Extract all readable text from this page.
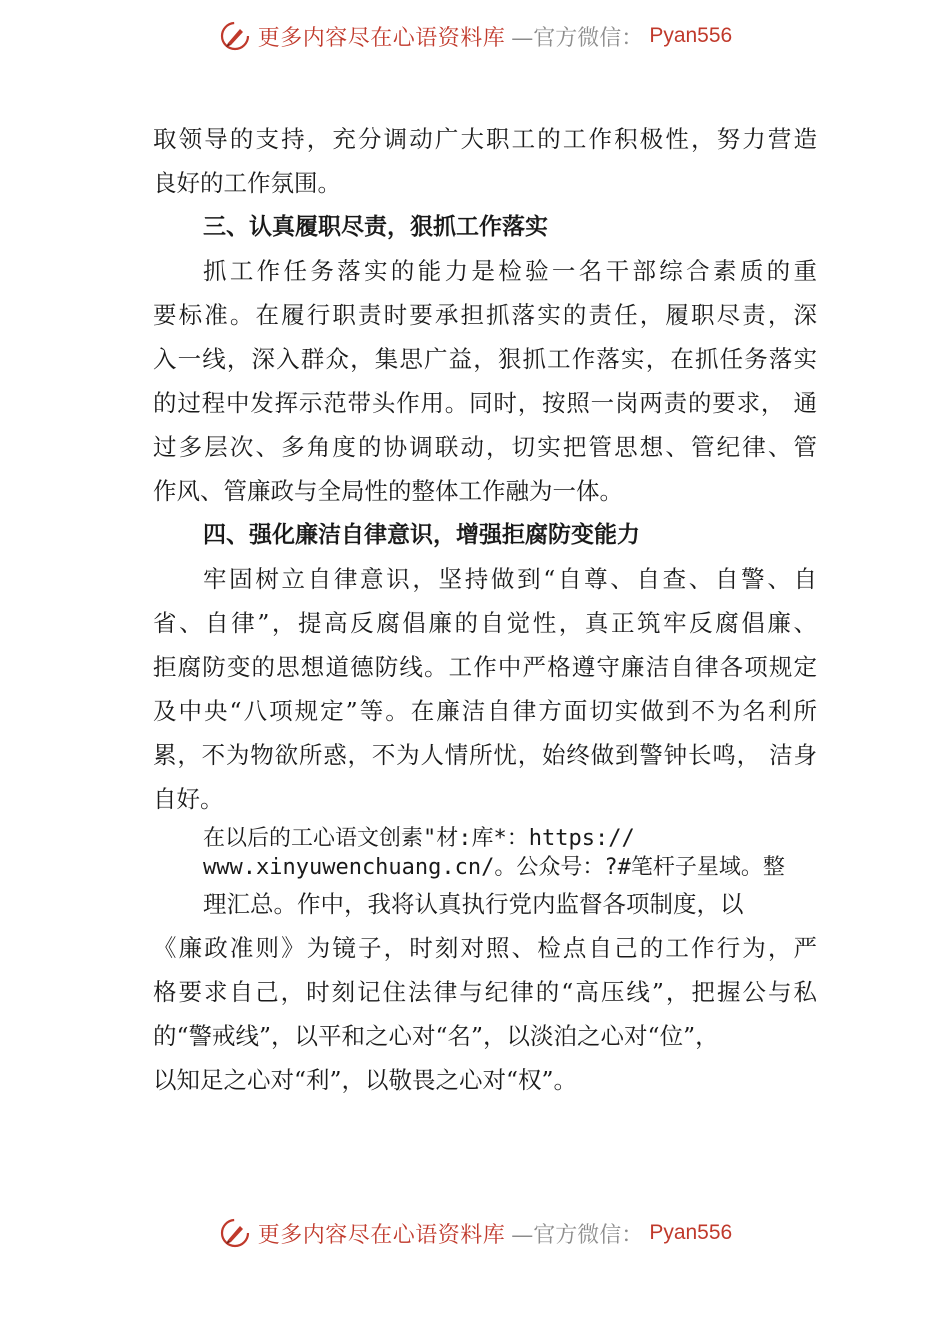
更多内容尽在心语资料库 —官方微信： Pyan556
取领导的支持，充分调动广大职工的工作积极性，努力营造
良好的工作氛围。
三、认真履职尽责，狠抓工作落实
抓工作任务落实的能力是检验一名干部综合素质的重
要标准。在履行职责时要承担抓落实的责任，履职尽责，深
入一线，深入群众，集思广益，狠抓工作落实，在抓任务落实
的过程中发挥示范带头作用。同时，按照一岗两责的要求， 通
过多层次、多角度的协调联动，切实把管思想、管纪律、管
作风、管廉政与全局性的整体工作融为一体。
四、强化廉洁自律意识，增强拒腐防变能力
牢固树立自律意识，坚持做到“自尊、自查、自警、自
省、自律”，提高反腐倡廉的自觉性，真正筑牢反腐倡廉、
拒腐防变的思想道德防线。工作中严格遵守廉洁自律各项规定
及中央“八项规定”等。在廉洁自律方面切实做到不为名利所
累，不为物欲所惑，不为人情所忧，始终做到警钟长鸣， 洁身
自好。
在以后的工心语文创素"材:库*：https://
www.xinyuwenchuang.cn/。公众号：?#笔杆子星域。整
理汇总。作中，我将认真执行党内监督各项制度，以
《廉政准则》为镜子，时刻对照、检点自己的工作行为，严
格要求自己，时刻记住法律与纪律的“高压线”，把握公与私
的“警戒线”，以平和之心对“名”，以淡泊之心对“位”，
以知足之心对“利”，以敬畏之心对“权”。
更多内容尽在心语资料库 —官方微信： Pyan556
